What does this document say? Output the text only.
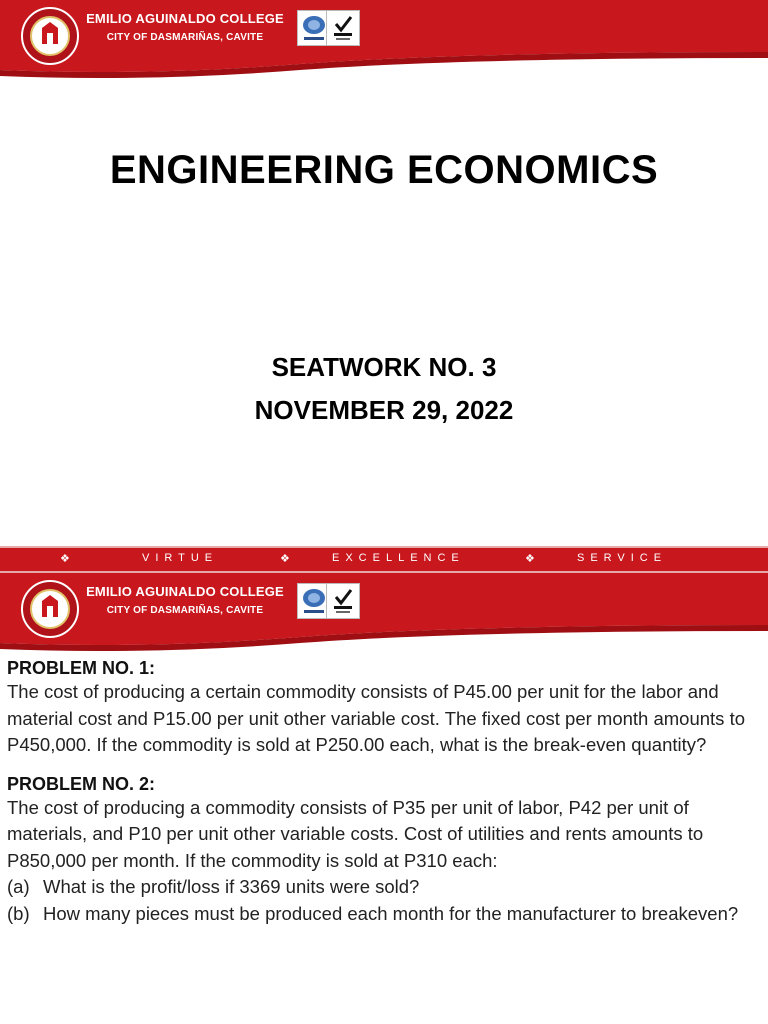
EMILIO AGUINALDO COLLEGE
CITY OF DASMARIÑAS, CAVITE
ENGINEERING ECONOMICS
SEATWORK NO. 3
NOVEMBER 29, 2022
❖	VIRTUE	❖	EXCELLENCE	❖	SERVICE
EMILIO AGUINALDO COLLEGE
CITY OF DASMARIÑAS, CAVITE
PROBLEM NO. 1:

The cost of producing a certain commodity consists of P45.00 per unit for the labor and material cost and P15.00 per unit other variable cost. The fixed cost per month amounts to P450,000. If the commodity is sold at P250.00 each, what is the break-even quantity?

PROBLEM NO. 2:

The cost of producing a commodity consists of P35 per unit of labor, P42 per unit of materials, and P10 per unit other variable costs. Cost of utilities and rents amounts to P850,000 per month. If the commodity is sold at P310 each:

(a) What is the profit/loss if 3369 units were sold?
(b) How many pieces must be produced each month for the manufacturer to breakeven?
